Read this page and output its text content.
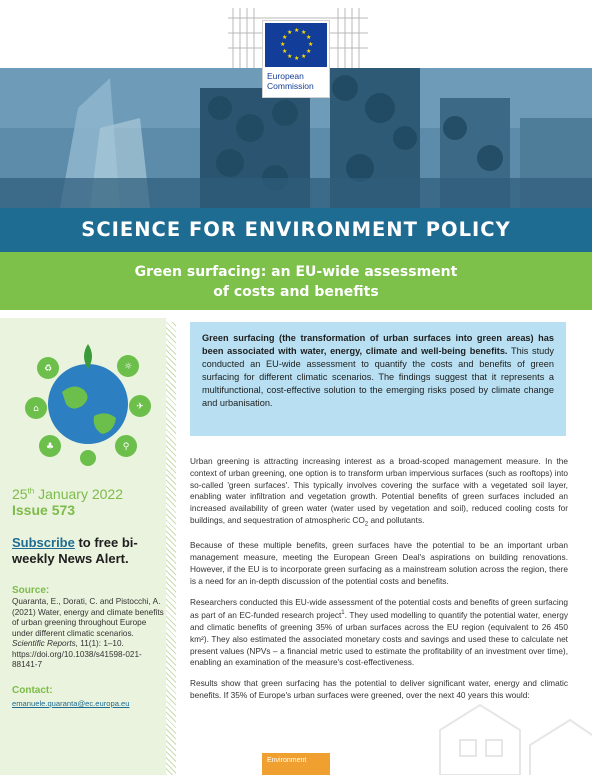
★ ★
★
★
★
★
★
★
★
★
★
★
European
Commission
SCIENCE FOR ENVIRONMENT POLICY
Green surfacing: an EU-wide assessment
of costs and benefits
♻	☼
⌂	✈
♣	⚲
25th January 2022
Issue 573
Subscribe to free bi-weekly News Alert.
Source:
Quaranta, E., Dorati, C. and Pistocchi, A. (2021) Water, energy and climate benefits of urban greening throughout Europe under different climatic scenarios. Scientific Reports, 11(1): 1–10. https://doi.org/10.1038/s41598-021-88141-7
Contact:
emanuele.quaranta@ec.europa.eu
Green surfacing (the transformation of urban surfaces into green areas) has been associated with water, energy, climate and well-being benefits. This study conducted an EU-wide assessment to quantify the costs and benefits of green surfacing for different climatic scenarios. The findings suggest that it represents a multifunctional, cost-effective solution to the emerging risks posed by climate change and urbanisation.

Urban greening is attracting increasing interest as a broad-scoped management measure. In the context of urban greening, one option is to transform urban impervious surfaces (such as rooftops) into so-called 'green surfaces'. This typically involves covering the surface with a vegetated soil layer, enabling water infiltration and vegetation growth. Potential benefits of green surfaces included an increased availability of green water (water used by vegetation and soil), reduced cooling costs for buildings, and sequestration of atmospheric $CO_2$ and pollutants.

Because of these multiple benefits, green surfaces have the potential to be an important urban management measure, meeting the European Green Deal's aspirations on building renovations. However, if the EU is to incorporate green surfacing as a mainstream solution across the region, there is a need for an in-depth discussion of the potential costs and benefits.

Researchers conducted this EU-wide assessment of the potential costs and benefits of green surfacing as part of an EC-funded research project$^1$. They used modelling to quantify the potential water, energy and climatic benefits of greening 35% of urban surfaces across the EU region (equivalent to 26 450 km²). They also estimated the associated monetary costs and savings and used these to calculate net present values (NPVs – a financial metric used to estimate the profitability of an investment over time), enabling an examination of the measure's cost-effectiveness.

Results show that green surfacing has the potential to deliver significant water, energy and climatic benefits. If 35% of Europe's urban surfaces were greened, over the next 40 years this would:

Environment
